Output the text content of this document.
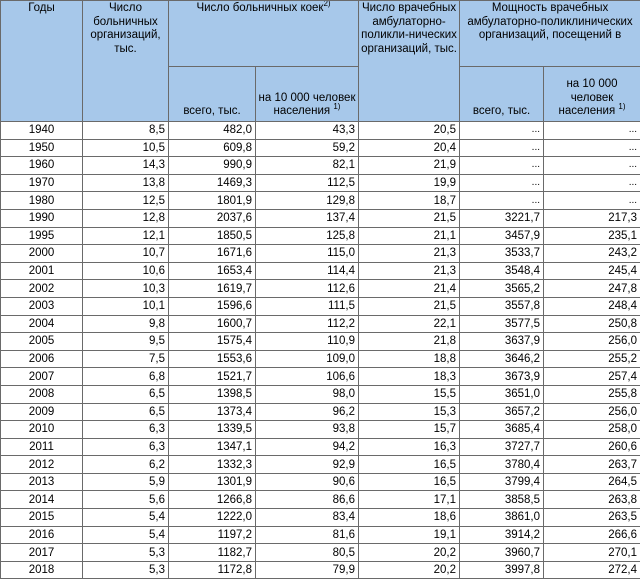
Годы	Число больничных организаций, тыс.	Число больничных коек$^{2)}$		Число врачебных амбулаторно-поликли-нических организаций, тыс.	Мощность врачебных амбулаторно-поликлинических организаций, посещений в	
		всего, тыс.	на 10 000 человек населения $^{1)}$		всего, тыс.	на 10 000 человек населения $^{1)}$
1940	8,5	482,0	43,3	20,5	...	...
1950	10,5	609,8	59,2	20,4	...	...
1960	14,3	990,9	82,1	21,9	...	...
1970	13,8	1469,3	112,5	19,9	...	...
1980	12,5	1801,9	129,8	18,7	...	...
1990	12,8	2037,6	137,4	21,5	3221,7	217,3
1995	12,1	1850,5	125,8	21,1	3457,9	235,1
2000	10,7	1671,6	115,0	21,3	3533,7	243,2
2001	10,6	1653,4	114,4	21,3	3548,4	245,4
2002	10,3	1619,7	112,6	21,4	3565,2	247,8
2003	10,1	1596,6	111,5	21,5	3557,8	248,4
2004	9,8	1600,7	112,2	22,1	3577,5	250,8
2005	9,5	1575,4	110,9	21,8	3637,9	256,0
2006	7,5	1553,6	109,0	18,8	3646,2	255,2
2007	6,8	1521,7	106,6	18,3	3673,9	257,4
2008	6,5	1398,5	98,0	15,5	3651,0	255,8
2009	6,5	1373,4	96,2	15,3	3657,2	256,0
2010	6,3	1339,5	93,8	15,7	3685,4	258,0
2011	6,3	1347,1	94,2	16,3	3727,7	260,6
2012	6,2	1332,3	92,9	16,5	3780,4	263,7
2013	5,9	1301,9	90,6	16,5	3799,4	264,5
2014	5,6	1266,8	86,6	17,1	3858,5	263,8
2015	5,4	1222,0	83,4	18,6	3861,0	263,5
2016	5,4	1197,2	81,6	19,1	3914,2	266,6
2017	5,3	1182,7	80,5	20,2	3960,7	270,1
2018	5,3	1172,8	79,9	20,2	3997,8	272,4
